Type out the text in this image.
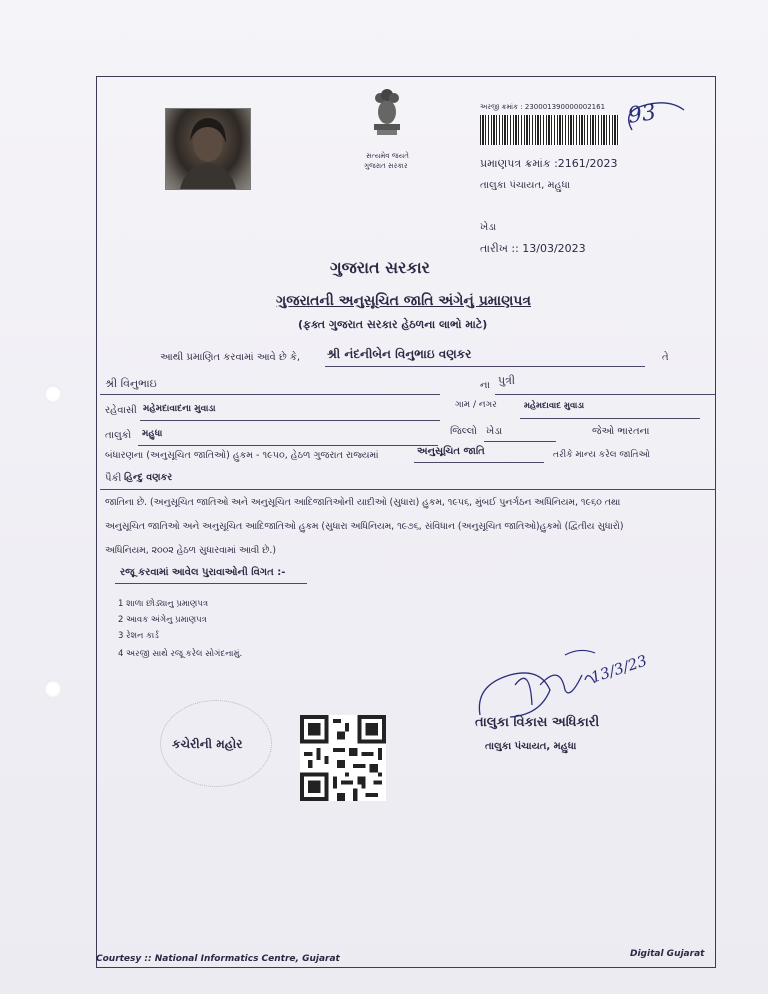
સત્યમેવ જયતે
ગુજરાત સરકાર
અરજી ક્રમાંક : 230001390000002161 93
પ્રમાણપત્ર ક્રમાંક :2161/2023
તાલુકા પંચાયત, મહુધા
ખેડા
તારીખ :: 13/03/2023
ગુજરાત સરકાર
ગુજરાતની અનુસૂચિત જાતિ અંગેનું પ્રમાણપત્ર
(ફક્ત ગુજરાત સરકાર હેઠળના લાભો માટે)
આથી પ્રમાણિત કરવામાં આવે છે કે, શ્રી નંદનીબેન વિનુભાઇ વણકર	તે
શ્રી વિનુભાઇ	ના પુત્રી
રહેવાસી મહેમદાવાદના મુવાડા	ગામ / નગર	મહેમદાવાદ મુવાડા
તાલુકો મહુધા	જિલ્લો ખેડા	જેઓ ભારતના
બંધારણના (અનુસૂચિત જાતિઓ) હુકમ - ૧૯૫૦, હેઠળ ગુજરાત રાજ્યમાં	અનુસૂચિત જાતિ	તરીકે માન્ય કરેલ જાતિઓ
પૈકી હિન્દુ વણકર
જાતિના છે. (અનુસૂચિત જાતિઓ અને અનુસૂચિત આદિજાતિઓની યાદીઓ (સુધારા) હુકમ, ૧૯૫૬, મુંબઈ પુનર્ગઠન અધિનિયમ, ૧૯૬૦ તથા
અનુસૂચિત જાતિઓ અને અનુસૂચિત આદિજાતિઓ હુકમ (સુધારા અધિનિયમ, ૧૯૭૬, સંવિધાન (અનુસૂચિત જાતિઓ)હુકમો (દ્વિતીય સુધારો)
અધિનિયમ, ૨૦૦૨ હેઠળ સુધારવામાં આવી છે.)
રજૂ કરવામાં આવેલ પુરાવાઓની વિગત :-
1 શાળા છોડ્યાનુ પ્રમાણપત્ર
2 આવક અંગેનુ પ્રમાણપત્ર
3 રેશન કાર્ડ
4 અરજી સાથે રજૂ કરેલ સોગંદનામું.
કચેરીની મહોર
13/3/23
તાલુકા વિકાસ અધિકારી
તાલુકા પંચાયત, મહુધા
Courtesy :: National Informatics Centre, Gujarat	Digital Gujarat
